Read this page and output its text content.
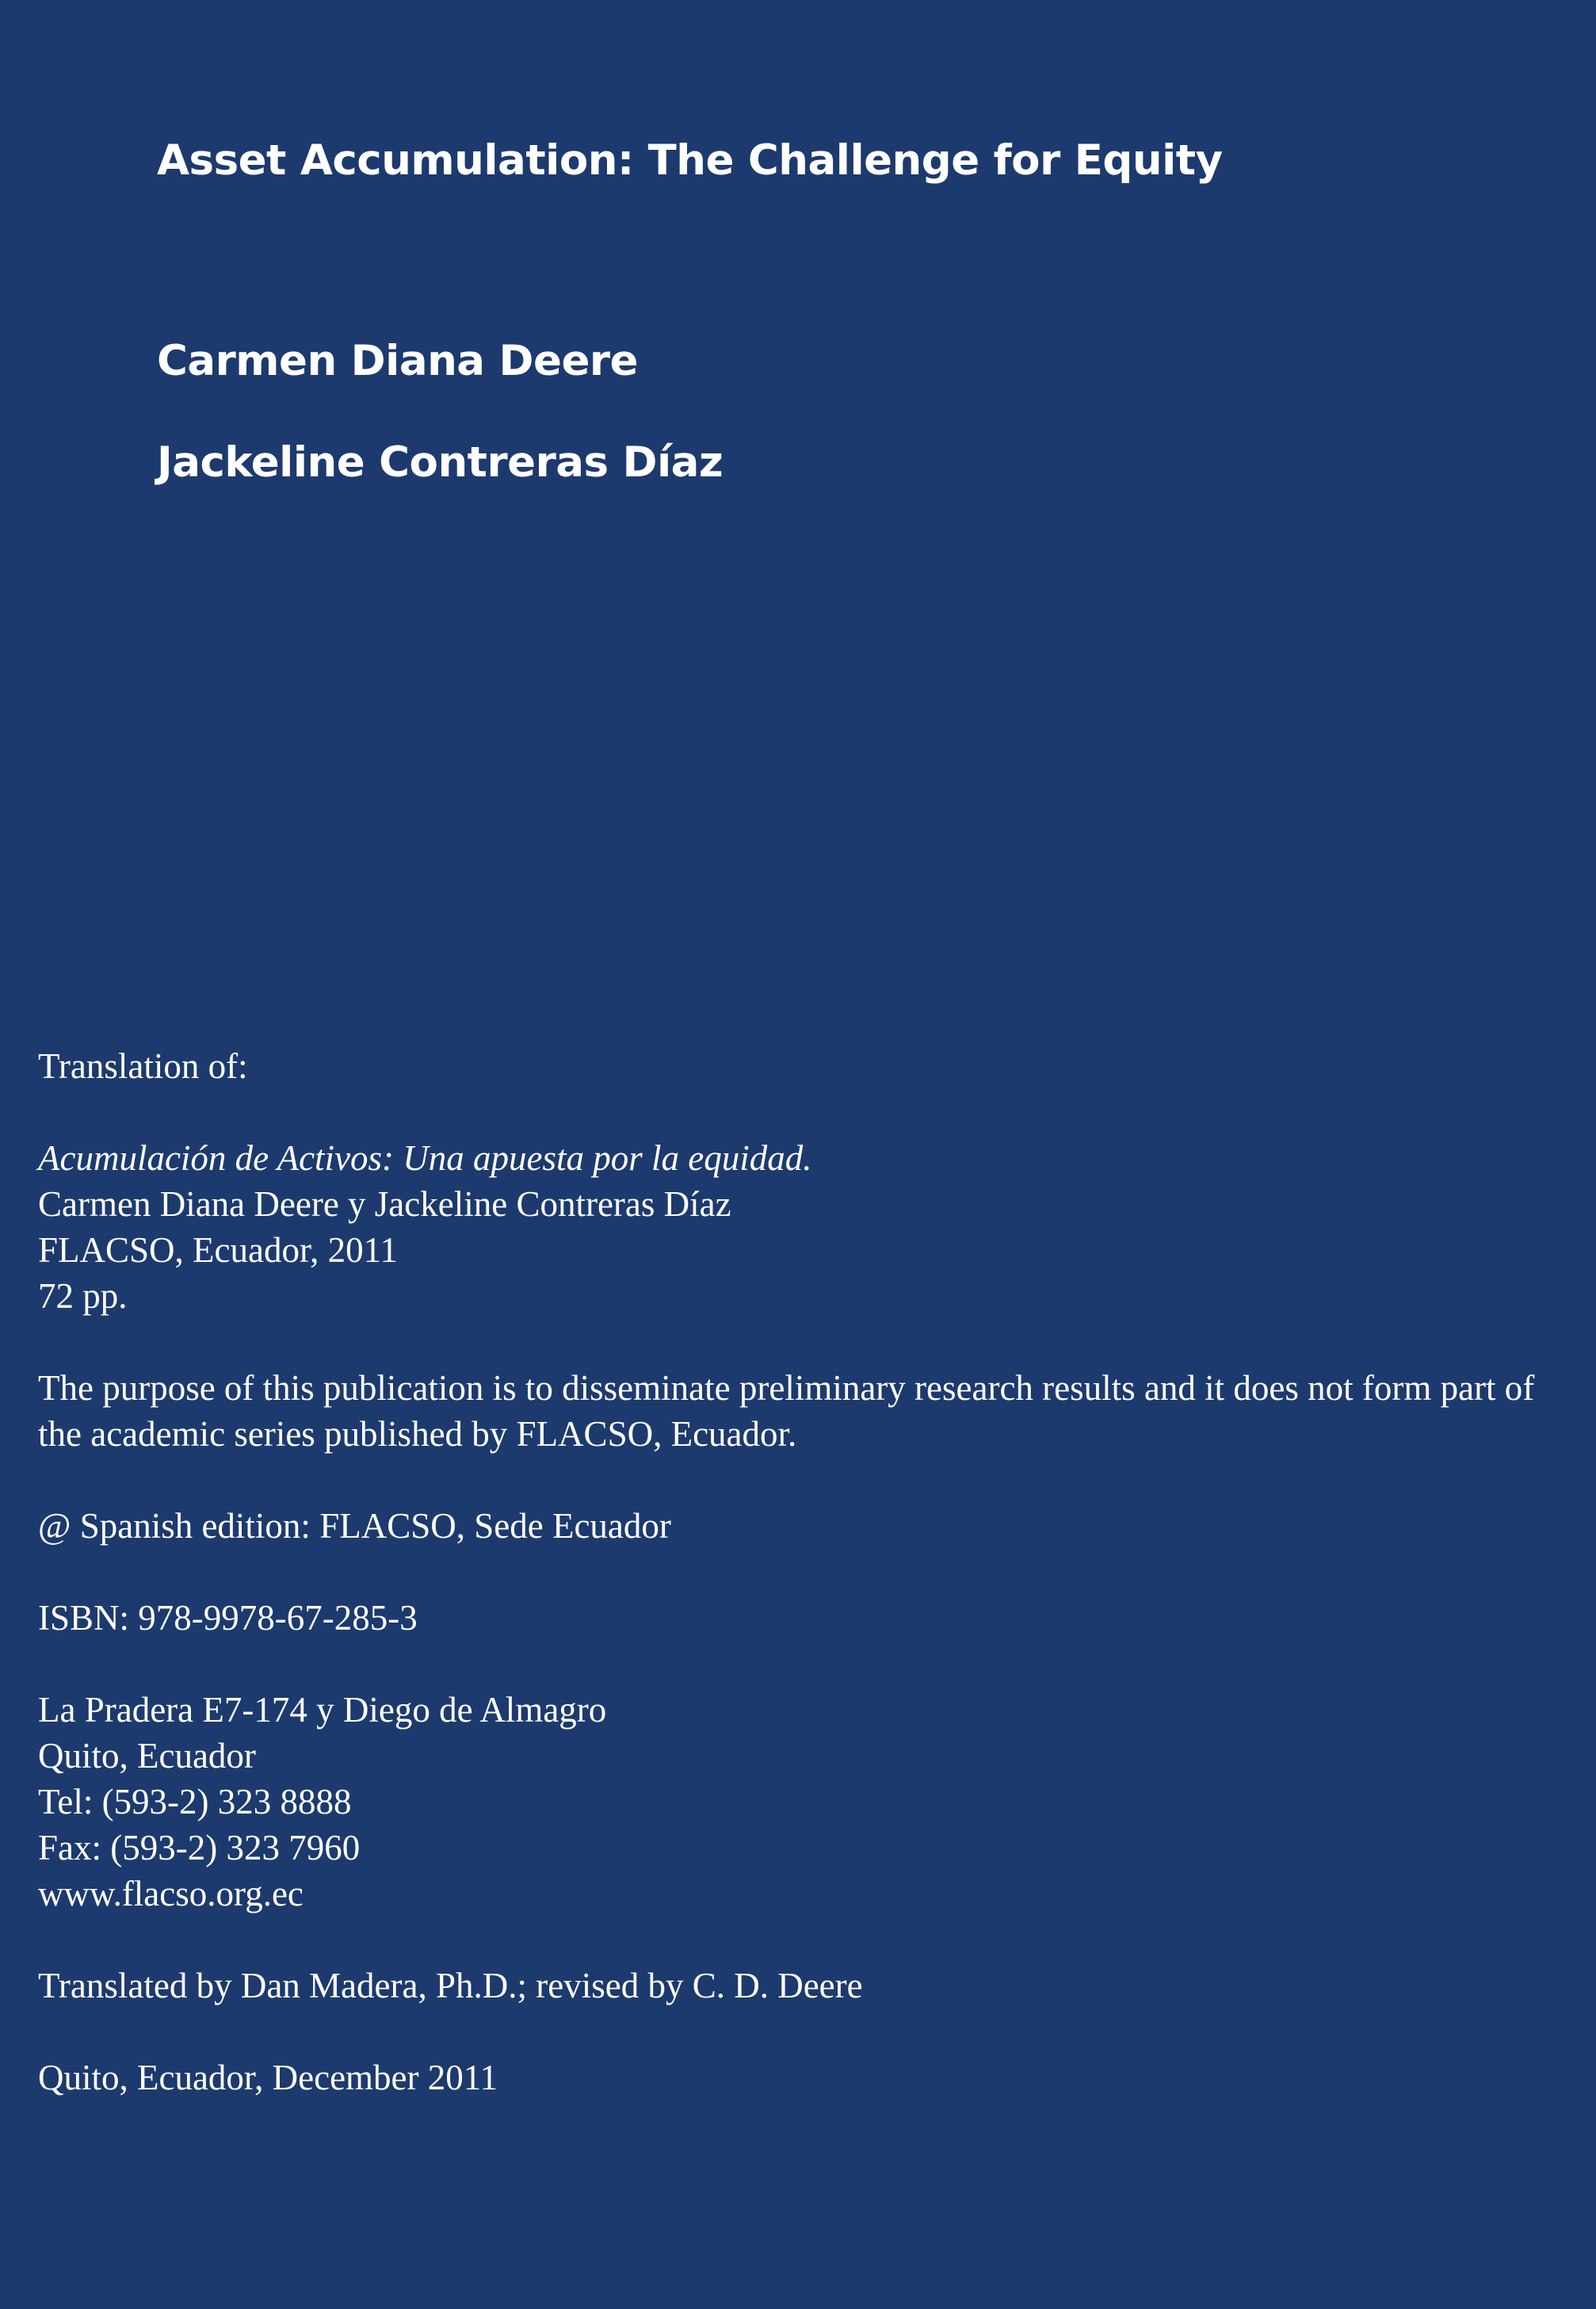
Asset Accumulation: The Challenge for Equity
Carmen Diana Deere
Jackeline Contreras Díaz

Translation of:

Acumulación de Activos: Una apuesta por la equidad.

Carmen Diana Deere y Jackeline Contreras Díaz

FLACSO, Ecuador, 2011

72 pp.

The purpose of this publication is to disseminate preliminary research results and it does not form part of the academic series published by FLACSO, Ecuador.

@ Spanish edition: FLACSO, Sede Ecuador

ISBN: 978-9978-67-285-3

La Pradera E7-174 y Diego de Almagro

Quito, Ecuador

Tel: (593-2) 323 8888

Fax: (593-2) 323 7960

www.flacso.org.ec

Translated by Dan Madera, Ph.D.; revised by C. D. Deere

Quito, Ecuador, December 2011
